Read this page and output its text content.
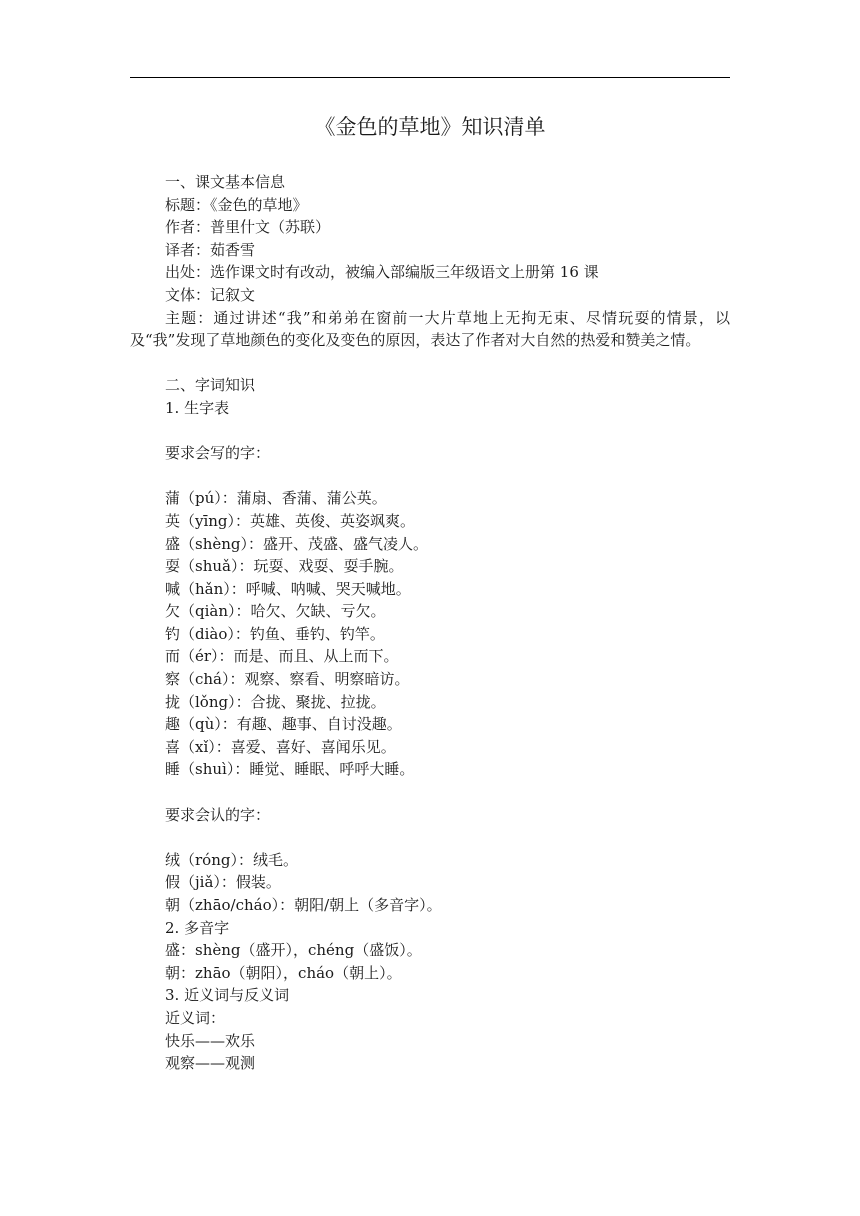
《金色的草地》知识清单
一、课文基本信息
标题：《金色的草地》
作者：普里什文（苏联）
译者：茹香雪
出处：选作课文时有改动，被编入部编版三年级语文上册第 16 课
文体：记叙文
主题：通过讲述“我”和弟弟在窗前一大片草地上无拘无束、尽情玩耍的情景，以及“我”发现了草地颜色的变化及变色的原因，表达了作者对大自然的热爱和赞美之情。
二、字词知识
1. 生字表
要求会写的字：
蒲（pú）：蒲扇、香蒲、蒲公英。
英（yīng）：英雄、英俊、英姿飒爽。
盛（shèng）：盛开、茂盛、盛气凌人。
耍（shuǎ）：玩耍、戏耍、耍手腕。
喊（hǎn）：呼喊、呐喊、哭天喊地。
欠（qiàn）：哈欠、欠缺、亏欠。
钓（diào）：钓鱼、垂钓、钓竿。
而（ér）：而是、而且、从上而下。
察（chá）：观察、察看、明察暗访。
拢（lǒng）：合拢、聚拢、拉拢。
趣（qù）：有趣、趣事、自讨没趣。
喜（xǐ）：喜爱、喜好、喜闻乐见。
睡（shuì）：睡觉、睡眠、呼呼大睡。
要求会认的字：
绒（róng）：绒毛。
假（jiǎ）：假装。
朝（zhāo/cháo）：朝阳/朝上（多音字）。
2. 多音字
盛：shèng（盛开），chéng（盛饭）。
朝：zhāo（朝阳），cháo（朝上）。
3. 近义词与反义词
近义词：
快乐——欢乐
观察——观测
